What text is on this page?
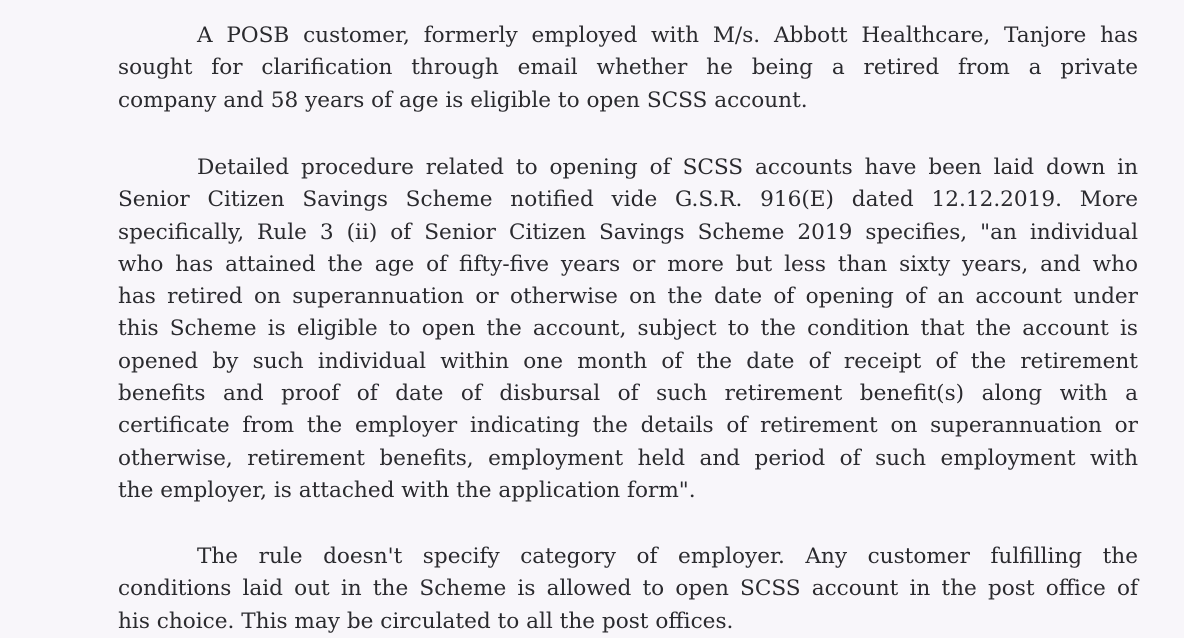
A POSB customer, formerly employed with M/s. Abbott Healthcare, Tanjore has
sought for clarification through email whether he being a retired from a private
company and 58 years of age is eligible to open SCSS account.
Detailed procedure related to opening of SCSS accounts have been laid down in
Senior Citizen Savings Scheme notified vide G.S.R. 916(E) dated 12.12.2019. More
specifically, Rule 3 (ii) of Senior Citizen Savings Scheme 2019 specifies, "an individual
who has attained the age of fifty-five years or more but less than sixty years, and who
has retired on superannuation or otherwise on the date of opening of an account under
this Scheme is eligible to open the account, subject to the condition that the account is
opened by such individual within one month of the date of receipt of the retirement
benefits and proof of date of disbursal of such retirement benefit(s) along with a
certificate from the employer indicating the details of retirement on superannuation or
otherwise, retirement benefits, employment held and period of such employment with
the employer, is attached with the application form".
The rule doesn't specify category of employer. Any customer fulfilling the
conditions laid out in the Scheme is allowed to open SCSS account in the post office of
his choice. This may be circulated to all the post offices.
